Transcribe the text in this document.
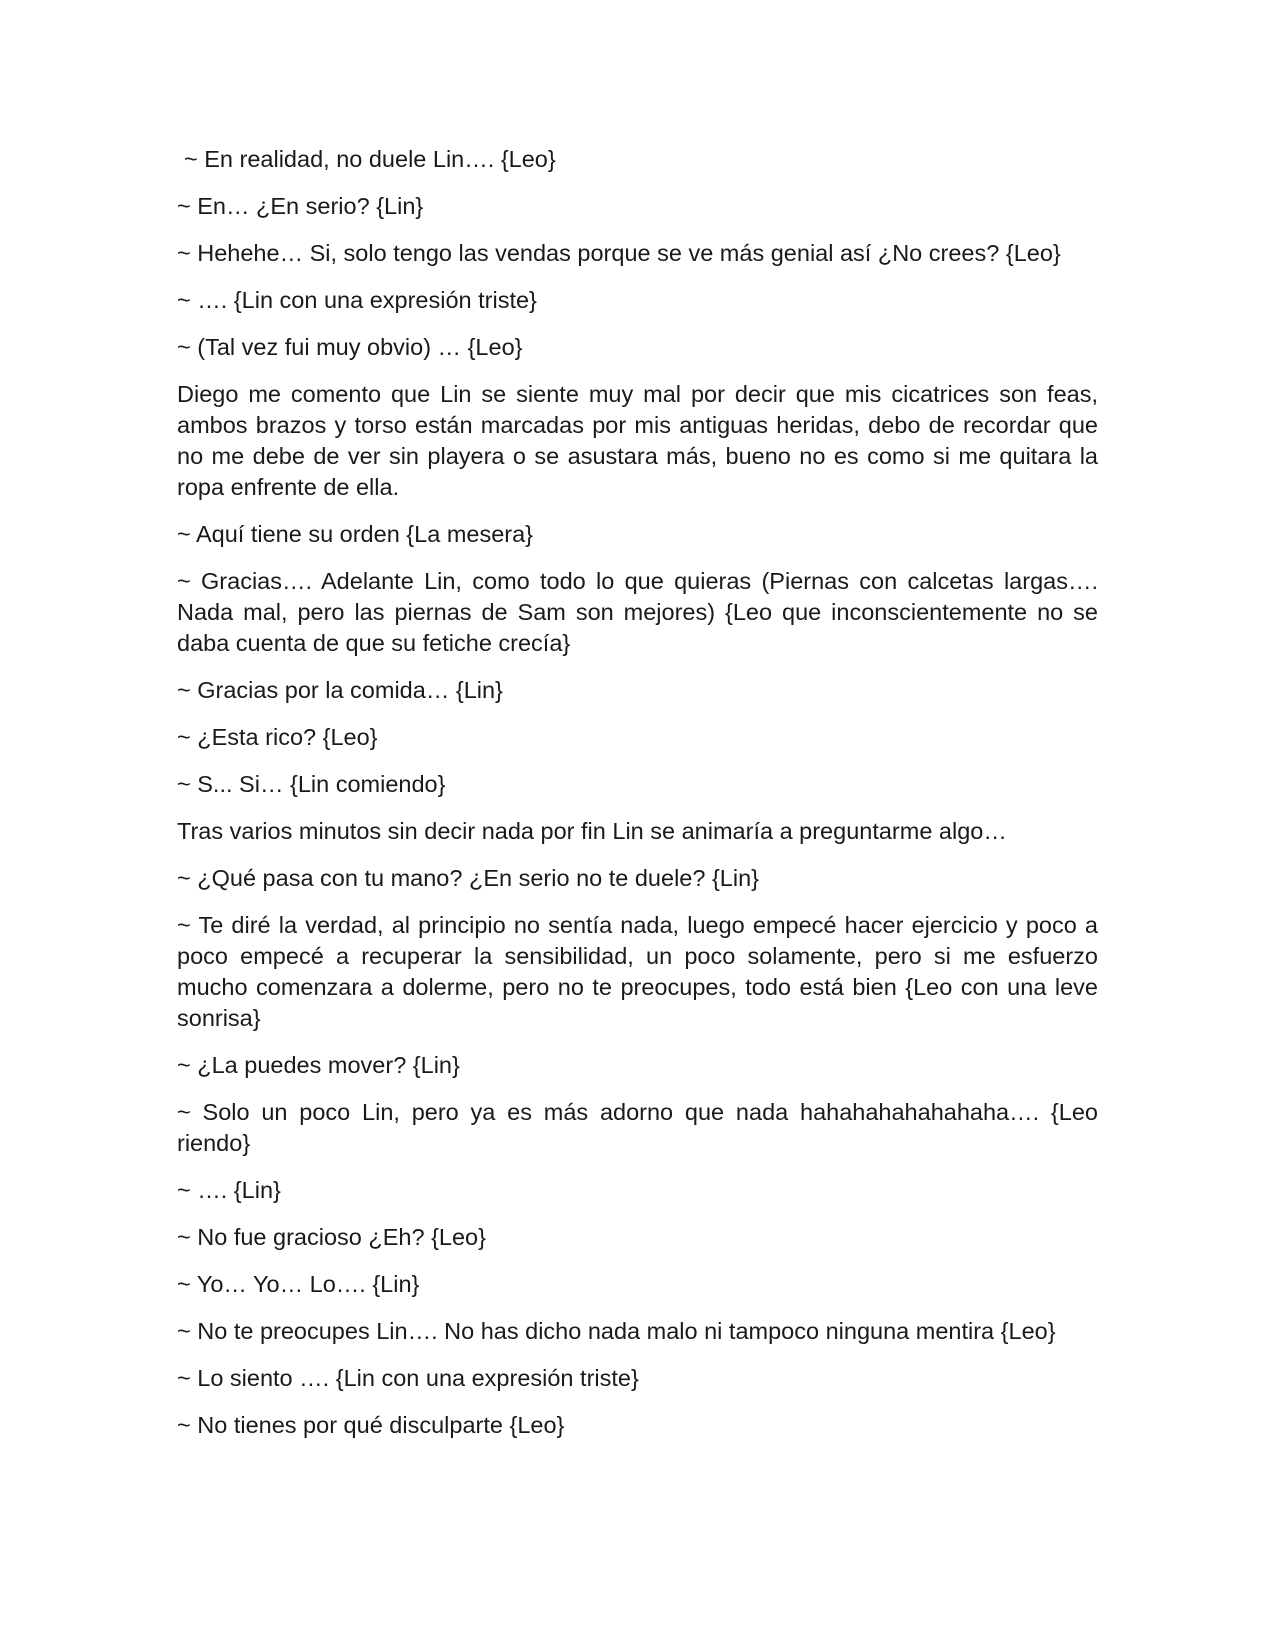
~ En realidad, no duele Lin…. {Leo}

~ En… ¿En serio? {Lin}

~ Hehehe… Si, solo tengo las vendas porque se ve más genial así ¿No crees? {Leo}

~ …. {Lin con una expresión triste}

~ (Tal vez fui muy obvio) … {Leo}

Diego me comento que Lin se siente muy mal por decir que mis cicatrices son feas, ambos brazos y torso están marcadas por mis antiguas heridas, debo de recordar que no me debe de ver sin playera o se asustara más, bueno no es como si me quitara la ropa enfrente de ella.

~ Aquí tiene su orden {La mesera}

~ Gracias…. Adelante Lin, como todo lo que quieras (Piernas con calcetas largas…. Nada mal, pero las piernas de Sam son mejores) {Leo que inconscientemente no se daba cuenta de que su fetiche crecía}

~ Gracias por la comida… {Lin}

~ ¿Esta rico? {Leo}

~ S... Si… {Lin comiendo}

Tras varios minutos sin decir nada por fin Lin se animaría a preguntarme algo…

~ ¿Qué pasa con tu mano? ¿En serio no te duele? {Lin}

~ Te diré la verdad, al principio no sentía nada, luego empecé hacer ejercicio y poco a poco empecé a recuperar la sensibilidad, un poco solamente, pero si me esfuerzo mucho comenzara a dolerme, pero no te preocupes, todo está bien {Leo con una leve sonrisa}

~ ¿La puedes mover? {Lin}

~ Solo un poco Lin, pero ya es más adorno que nada hahahahahahahaha…. {Leo riendo}

~ …. {Lin}

~ No fue gracioso ¿Eh? {Leo}

~ Yo… Yo… Lo…. {Lin}

~ No te preocupes Lin…. No has dicho nada malo ni tampoco ninguna mentira {Leo}

~ Lo siento …. {Lin con una expresión triste}

~ No tienes por qué disculparte {Leo}
